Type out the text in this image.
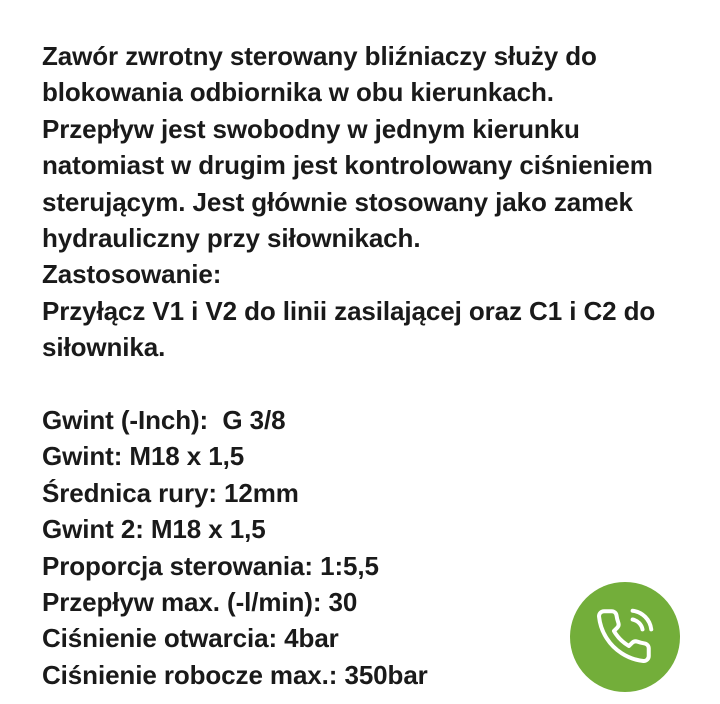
Zawór zwrotny sterowany bliźniaczy służy do
blokowania odbiornika w obu kierunkach.
Przepływ jest swobodny w jednym kierunku
natomiast w drugim jest kontrolowany ciśnieniem
sterującym. Jest głównie stosowany jako zamek
hydrauliczny przy siłownikach.
Zastosowanie:
Przyłącz V1 i V2 do linii zasilającej oraz C1 i C2 do
siłownika.
Gwint (-Inch):  G 3/8
Gwint: M18 x 1,5
Średnica rury: 12mm
Gwint 2: M18 x 1,5
Proporcja sterowania: 1:5,5
Przepływ max. (-l/min): 30
Ciśnienie otwarcia: 4bar
Ciśnienie robocze max.: 350bar
